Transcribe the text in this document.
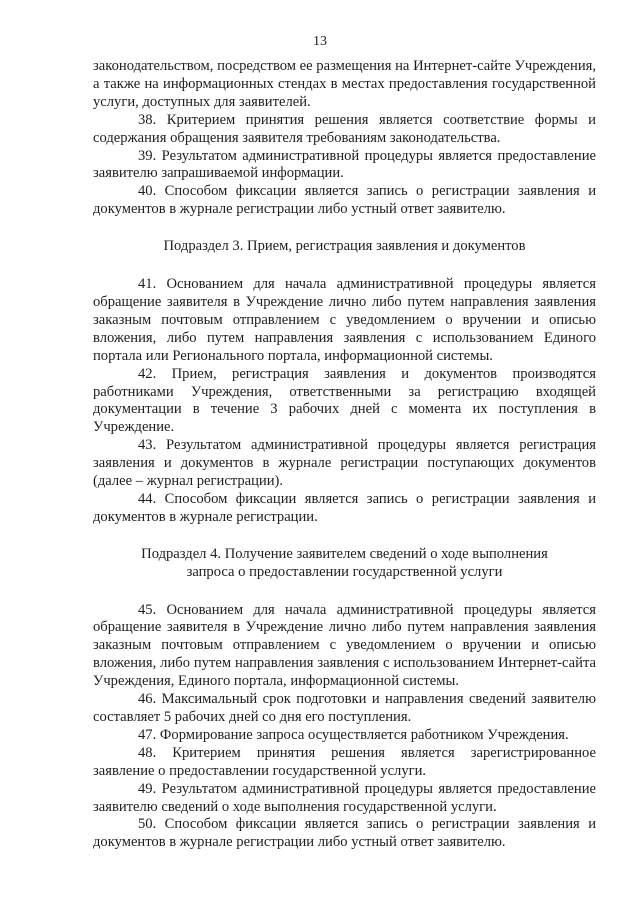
13

законодательством, посредством ее размещения на Интернет-сайте Учреждения, а также на информационных стендах в местах предоставления государственной услуги, доступных для заявителей.

38. Критерием принятия решения является соответствие формы и содержания обращения заявителя требованиям законодательства.

39. Результатом административной процедуры является предоставление заявителю запрашиваемой информации.

40. Способом фиксации является запись о регистрации заявления и документов в журнале регистрации либо устный ответ заявителю.

Подраздел 3. Прием, регистрация заявления и документов

41. Основанием для начала административной процедуры является обращение заявителя в Учреждение лично либо путем направления заявления заказным почтовым отправлением с уведомлением о вручении и описью вложения, либо путем направления заявления с использованием Единого портала или Регионального портала, информационной системы.

42. Прием, регистрация заявления и документов производятся работниками Учреждения, ответственными за регистрацию входящей документации в течение 3 рабочих дней с момента их поступления в Учреждение.

43. Результатом административной процедуры является регистрация заявления и документов в журнале регистрации поступающих документов (далее – журнал регистрации).

44. Способом фиксации является запись о регистрации заявления и документов в журнале регистрации.

Подраздел 4. Получение заявителем сведений о ходе выполнения
запроса о предоставлении государственной услуги

45. Основанием для начала административной процедуры является обращение заявителя в Учреждение лично либо путем направления заявления заказным почтовым отправлением с уведомлением о вручении и описью вложения, либо путем направления заявления с использованием Интернет-сайта Учреждения, Единого портала, информационной системы.

46. Максимальный срок подготовки и направления сведений заявителю составляет 5 рабочих дней со дня его поступления.

47. Формирование запроса осуществляется работником Учреждения.

48. Критерием принятия решения является зарегистрированное заявление о предоставлении государственной услуги.

49. Результатом административной процедуры является предоставление заявителю сведений о ходе выполнения государственной услуги.

50. Способом фиксации является запись о регистрации заявления и документов в журнале регистрации либо устный ответ заявителю.
